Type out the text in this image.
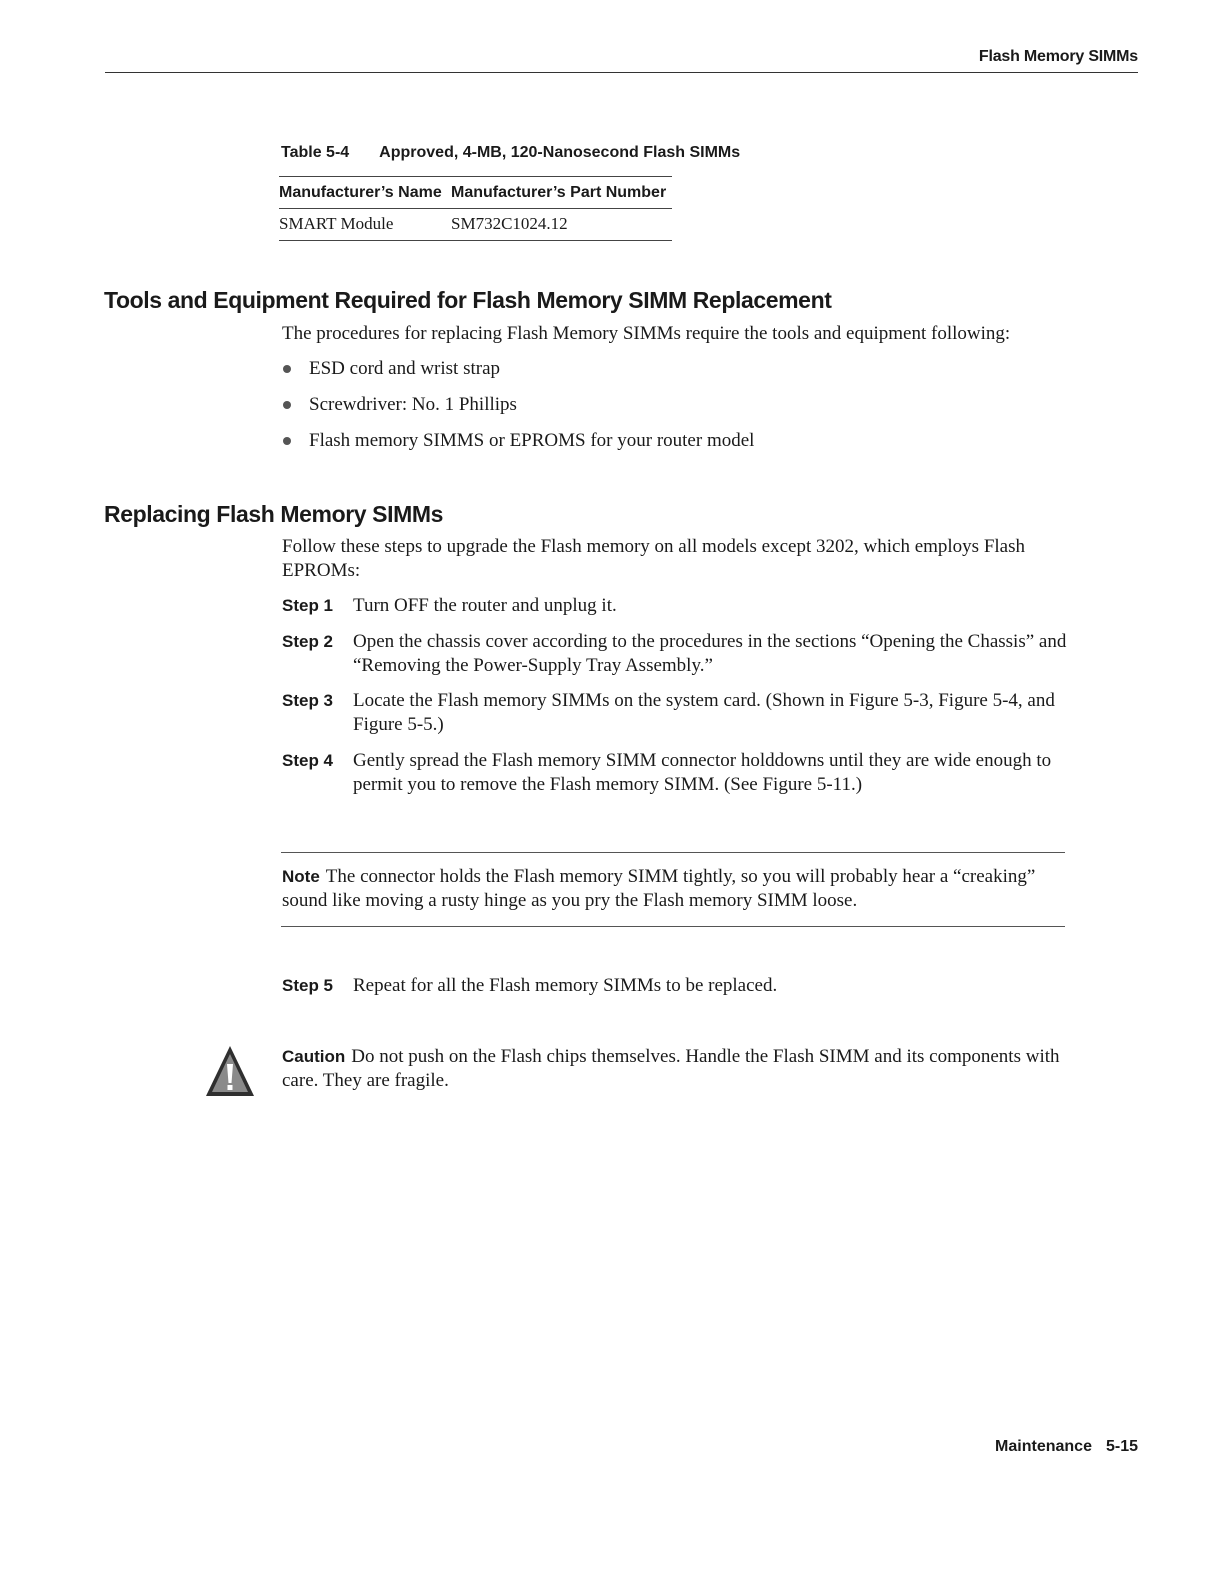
Flash Memory SIMMs
Table 5-4 Approved, 4-MB, 120-Nanosecond Flash SIMMs
Manufacturer’s Name	Manufacturer’s Part Number
SMART Module	SM732C1024.12
Tools and Equipment Required for Flash Memory SIMM Replacement

The procedures for replacing Flash Memory SIMMs require the tools and equipment following:

ESD cord and wrist strap
Screwdriver: No. 1 Phillips
Flash memory SIMMS or EPROMS for your router model
Replacing Flash Memory SIMMs

Follow these steps to upgrade the Flash memory on all models except 3202, which employs Flash EPROMs:

Step 1	Turn OFF the router and unplug it.
Step 2	Open the chassis cover according to the procedures in the sections “Opening the Chassis” and “Removing the Power-Supply Tray Assembly.”
Step 3	Locate the Flash memory SIMMs on the system card. (Shown in Figure 5-3, Figure 5-4, and Figure 5-5.)
Step 4	Gently spread the Flash memory SIMM connector holddowns until they are wide enough to permit you to remove the Flash memory SIMM. (See Figure 5-11.)
Note The connector holds the Flash memory SIMM tightly, so you will probably hear a “creaking” sound like moving a rusty hinge as you pry the Flash memory SIMM loose.
Step 5	Repeat for all the Flash memory SIMMs to be replaced.
Caution Do not push on the Flash chips themselves. Handle the Flash SIMM and its components with care. They are fragile.
Maintenance 5-15
